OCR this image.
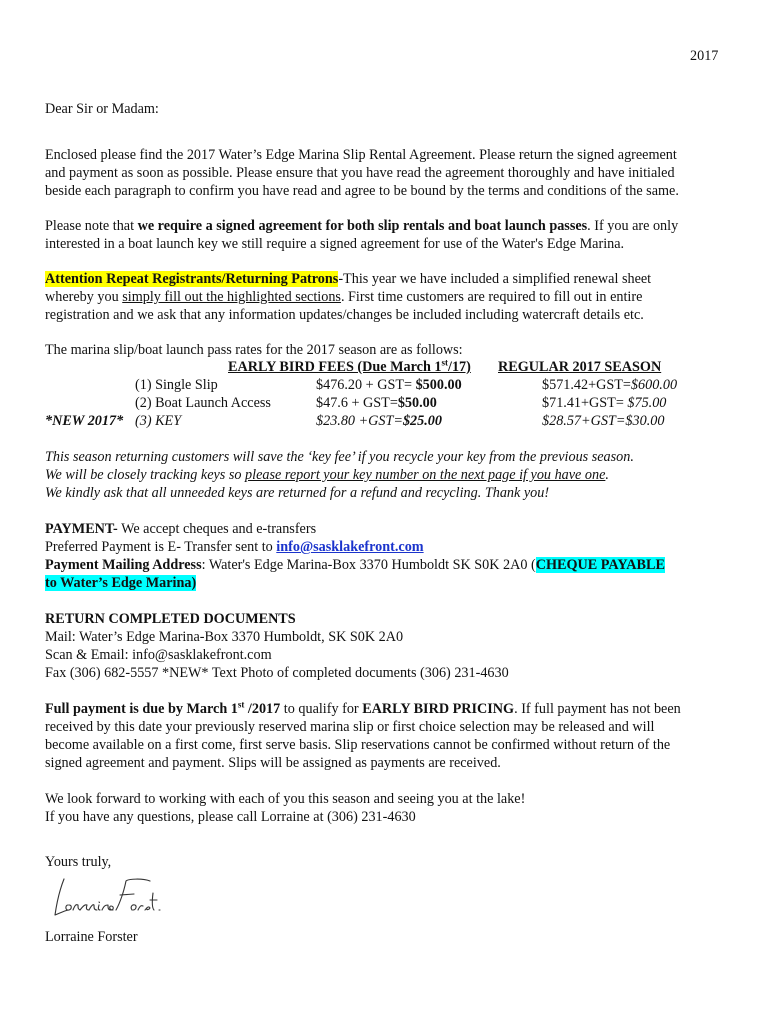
2017
Dear Sir or Madam:
Enclosed please find the 2017 Water’s Edge Marina Slip Rental Agreement. Please return the signed agreement
and payment as soon as possible. Please ensure that you have read the agreement thoroughly and have initialed
beside each paragraph to confirm you have read and agree to be bound by the terms and conditions of the same.
Please note that we require a signed agreement for both slip rentals and boat launch passes. If you are only
interested in a boat launch key we still require a signed agreement for use of the Water's Edge Marina.
Attention Repeat Registrants/Returning Patrons-This year we have included a simplified renewal sheet
whereby you simply fill out the highlighted sections. First time customers are required to fill out in entire
registration and we ask that any information updates/changes be included including watercraft details etc.
The marina slip/boat launch pass rates for the 2017 season are as follows:
EARLY BIRD FEES (Due March 1st/17) REGULAR 2017 SEASON
(1) Single Slip	$476.20 + GST= $500.00	$571.42+GST=$600.00
(2) Boat Launch Access	$47.6 + GST=$50.00	$71.41+GST= $75.00
*NEW 2017* (3) KEY	$23.80 +GST=$25.00	$28.57+GST=$30.00
This season returning customers will save the ‘key fee’ if you recycle your key from the previous season.
We will be closely tracking keys so please report your key number on the next page if you have one.
We kindly ask that all unneeded keys are returned for a refund and recycling. Thank you!
PAYMENT- We accept cheques and e-transfers
Preferred Payment is E- Transfer sent to info@sasklakefront.com
Payment Mailing Address: Water's Edge Marina-Box 3370 Humboldt SK S0K 2A0 (CHEQUE PAYABLE
to Water’s Edge Marina)
RETURN COMPLETED DOCUMENTS
Mail: Water’s Edge Marina-Box 3370 Humboldt, SK S0K 2A0
Scan & Email: info@sasklakefront.com
Fax (306) 682-5557 *NEW* Text Photo of completed documents (306) 231-4630
Full payment is due by March 1st /2017 to qualify for EARLY BIRD PRICING. If full payment has not been
received by this date your previously reserved marina slip or first choice selection may be released and will
become available on a first come, first serve basis. Slip reservations cannot be confirmed without return of the
signed agreement and payment. Slips will be assigned as payments are received.
We look forward to working with each of you this season and seeing you at the lake!
If you have any questions, please call Lorraine at (306) 231-4630
Yours truly,
Lorraine Forster
